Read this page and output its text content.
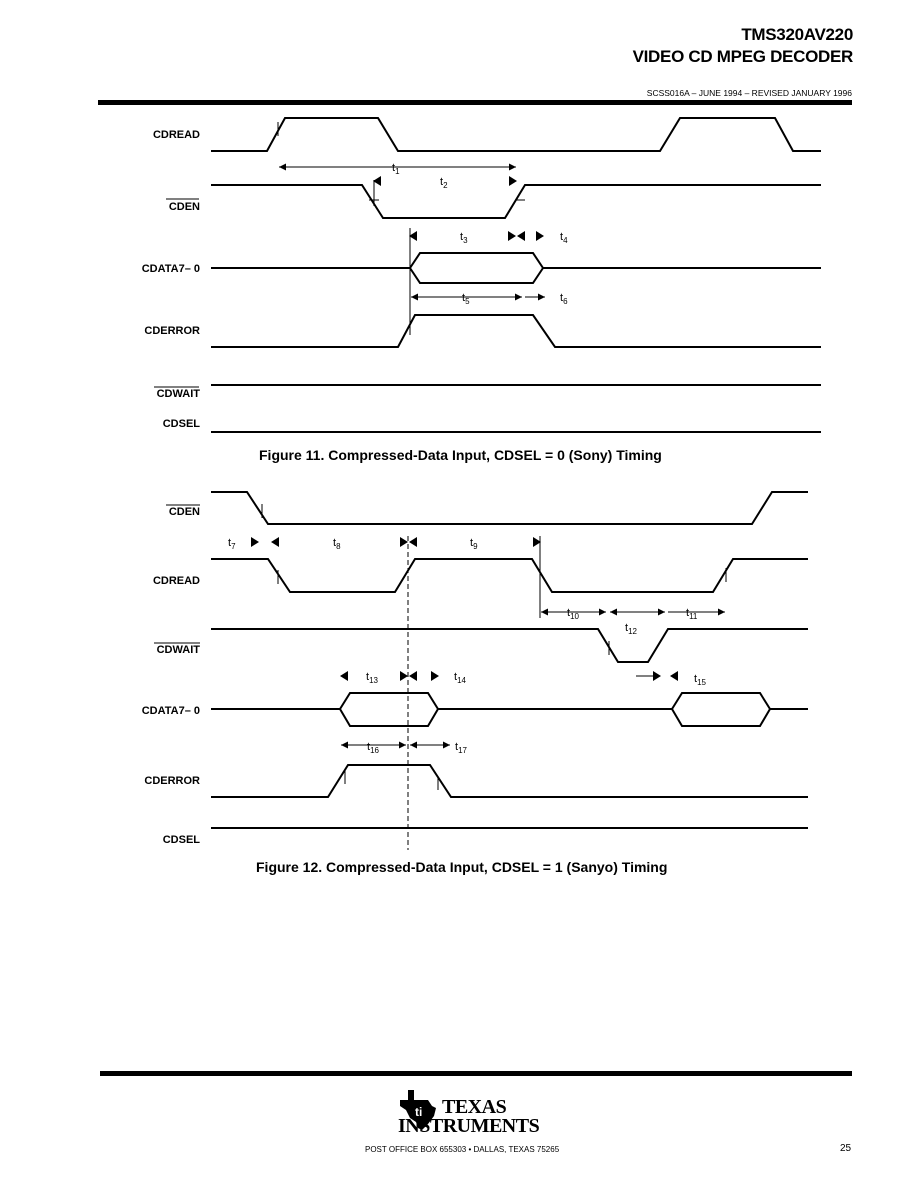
TMS320AV220
VIDEO CD MPEG DECODER
SCSS016A – JUNE 1994 – REVISED JANUARY 1996
CDREAD
CDEN
CDATA7– 0
CDERROR
CDWAIT
CDSEL
$t_1$
$t_2$
$t_3$	$t_4$
$t_5$	$t_6$
Figure 11. Compressed-Data Input, CDSEL = 0 (Sony) Timing
CDEN
CDREAD
CDWAIT
CDATA7– 0
CDERROR
CDSEL
$t_7$	$t_8$	$t_9$
$t_{10}$	$t_{11}$
$t_{12}$
$t_{13}$	$t_{14}$	$t_{15}$
$t_{16}$	$t_{17}$
Figure 12. Compressed-Data Input, CDSEL = 1 (Sanyo) Timing
ti TEXAS
INSTRUMENTS
POST OFFICE BOX 655303 • DALLAS, TEXAS 75265	25
